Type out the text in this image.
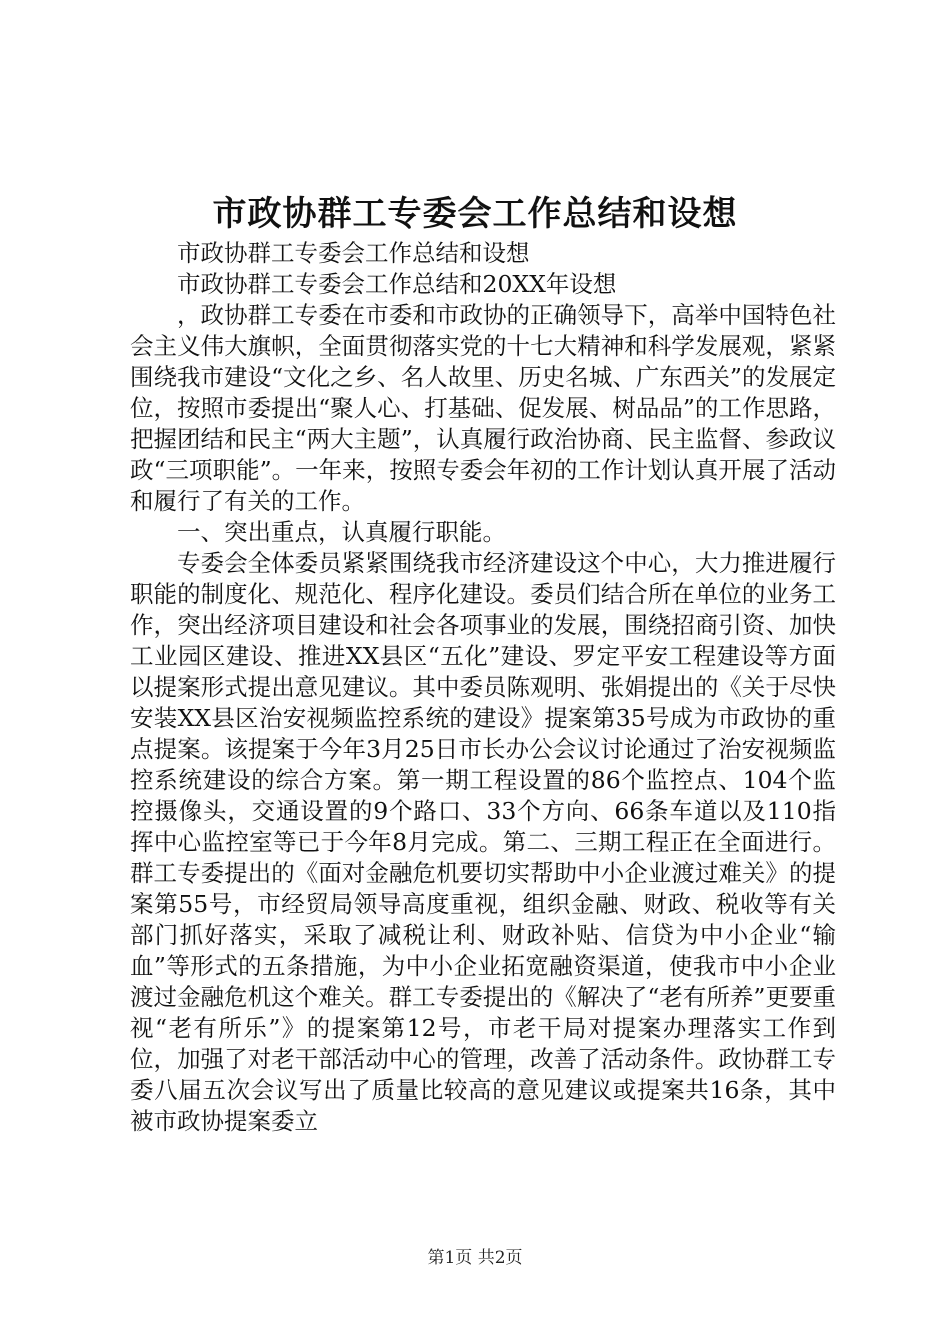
市政协群工专委会工作总结和设想

市政协群工专委会工作总结和设想

市政协群工专委会工作总结和20XX年设想

，政协群工专委在市委和市政协的正确领导下，高举中国特色社会主义伟大旗帜，全面贯彻落实党的十七大精神和科学发展观，紧紧围绕我市建设“文化之乡、名人故里、历史名城、广东西关”的发展定位，按照市委提出“聚人心、打基础、促发展、树品品”的工作思路，把握团结和民主“两大主题”，认真履行政治协商、民主监督、参政议政“三项职能”。一年来，按照专委会年初的工作计划认真开展了活动和履行了有关的工作。

一、突出重点，认真履行职能。

专委会全体委员紧紧围绕我市经济建设这个中心，大力推进履行职能的制度化、规范化、程序化建设。委员们结合所在单位的业务工作，突出经济项目建设和社会各项事业的发展，围绕招商引资、加快工业园区建设、推进XX县区“五化”建设、罗定平安工程建设等方面以提案形式提出意见建议。其中委员陈观明、张娟提出的《关于尽快安装XX县区治安视频监控系统的建设》提案第35号成为市政协的重点提案。该提案于今年3月25日市长办公会议讨论通过了治安视频监控系统建设的综合方案。第一期工程设置的86个监控点、104个监控摄像头，交通设置的9个路口、33个方向、66条车道以及110指挥中心监控室等已于今年8月完成。第二、三期工程正在全面进行。群工专委提出的《面对金融危机要切实帮助中小企业渡过难关》的提案第55号，市经贸局领导高度重视，组织金融、财政、税收等有关部门抓好落实，采取了减税让利、财政补贴、信贷为中小企业“输血”等形式的五条措施，为中小企业拓宽融资渠道，使我市中小企业渡过金融危机这个难关。群工专委提出的《解决了“老有所养”更要重视“老有所乐”》的提案第12号，市老干局对提案办理落实工作到位，加强了对老干部活动中心的管理，改善了活动条件。政协群工专委八届五次会议写出了质量比较高的意见建议或提案共16条，其中被市政协提案委立

第1页 共2页
